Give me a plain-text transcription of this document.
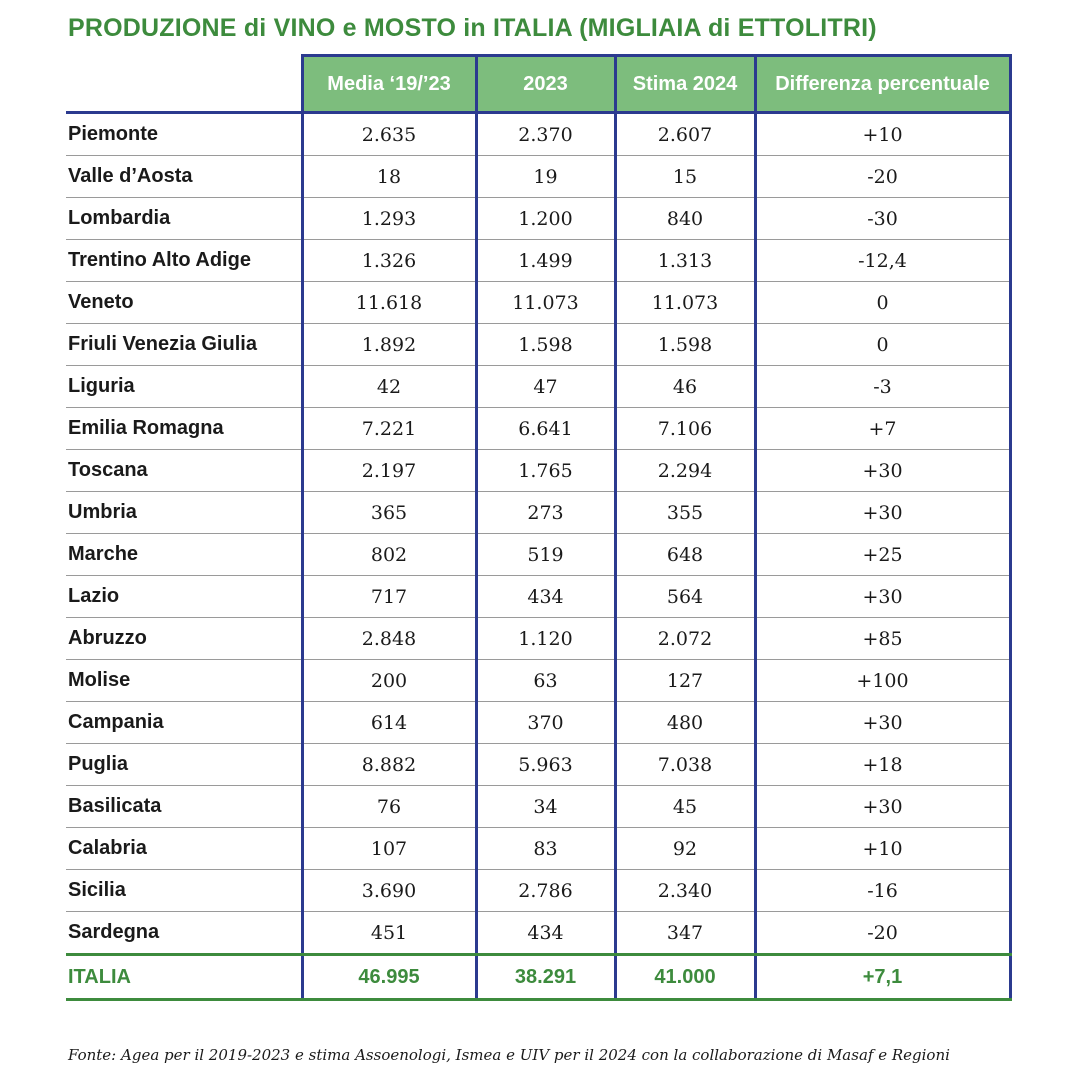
PRODUZIONE di VINO e MOSTO in ITALIA (MIGLIAIA di ETTOLITRI)
	Media ‘19/’23	2023	Stima 2024	Differenza percentuale
Piemonte	2.635	2.370	2.607	+10
Valle d’Aosta	18	19	15	-20
Lombardia	1.293	1.200	840	-30
Trentino Alto Adige	1.326	1.499	1.313	-12,4
Veneto	11.618	11.073	11.073	0
Friuli Venezia Giulia	1.892	1.598	1.598	0
Liguria	42	47	46	-3
Emilia Romagna	7.221	6.641	7.106	+7
Toscana	2.197	1.765	2.294	+30
Umbria	365	273	355	+30
Marche	802	519	648	+25
Lazio	717	434	564	+30
Abruzzo	2.848	1.120	2.072	+85
Molise	200	63	127	+100
Campania	614	370	480	+30
Puglia	8.882	5.963	7.038	+18
Basilicata	76	34	45	+30
Calabria	107	83	92	+10
Sicilia	3.690	2.786	2.340	-16
Sardegna	451	434	347	-20
ITALIA	46.995	38.291	41.000	+7,1
Fonte: Agea per il 2019-2023 e stima Assoenologi, Ismea e UIV per il 2024 con la collaborazione di Masaf e Regioni
